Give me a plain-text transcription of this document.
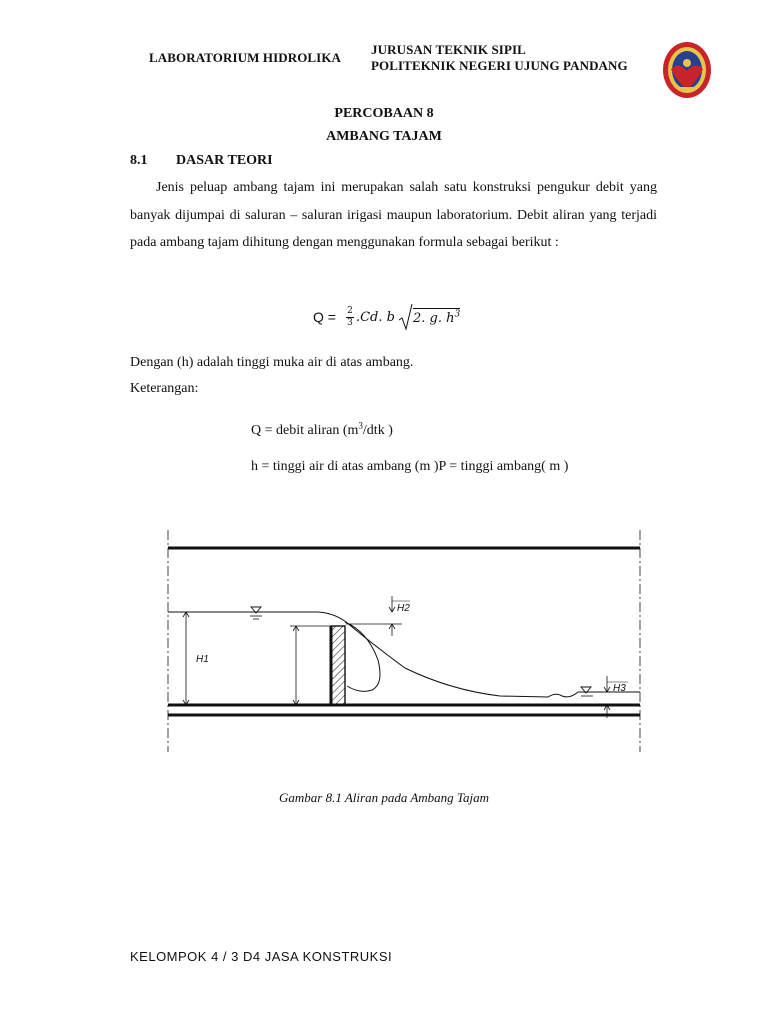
LABORATORIUM HIDROLIKA
JURUSAN TEKNIK SIPIL
POLITEKNIK NEGERI UJUNG PANDANG
PERCOBAAN 8
AMBANG TAJAM
8.1 DASAR TEORI
Jenis peluap ambang tajam ini merupakan salah satu konstruksi pengukur debit yang banyak dijumpai di saluran – saluran irigasi maupun laboratorium. Debit aliran yang terjadi pada ambang tajam dihitung dengan menggunakan formula sebagai berikut :
Q = 2
3 .Cd. b 2. g. $h^3$
Dengan (h) adalah tinggi muka air di atas ambang.
Keterangan:
Q = debit aliran ($m^3$/dtk )
h = tinggi air di atas ambang (m )P = tinggi ambang( m )
H1
H2
H3
Gambar 8.1 Aliran pada Ambang Tajam
KELOMPOK 4 / 3 D4 JASA KONSTRUKSI
